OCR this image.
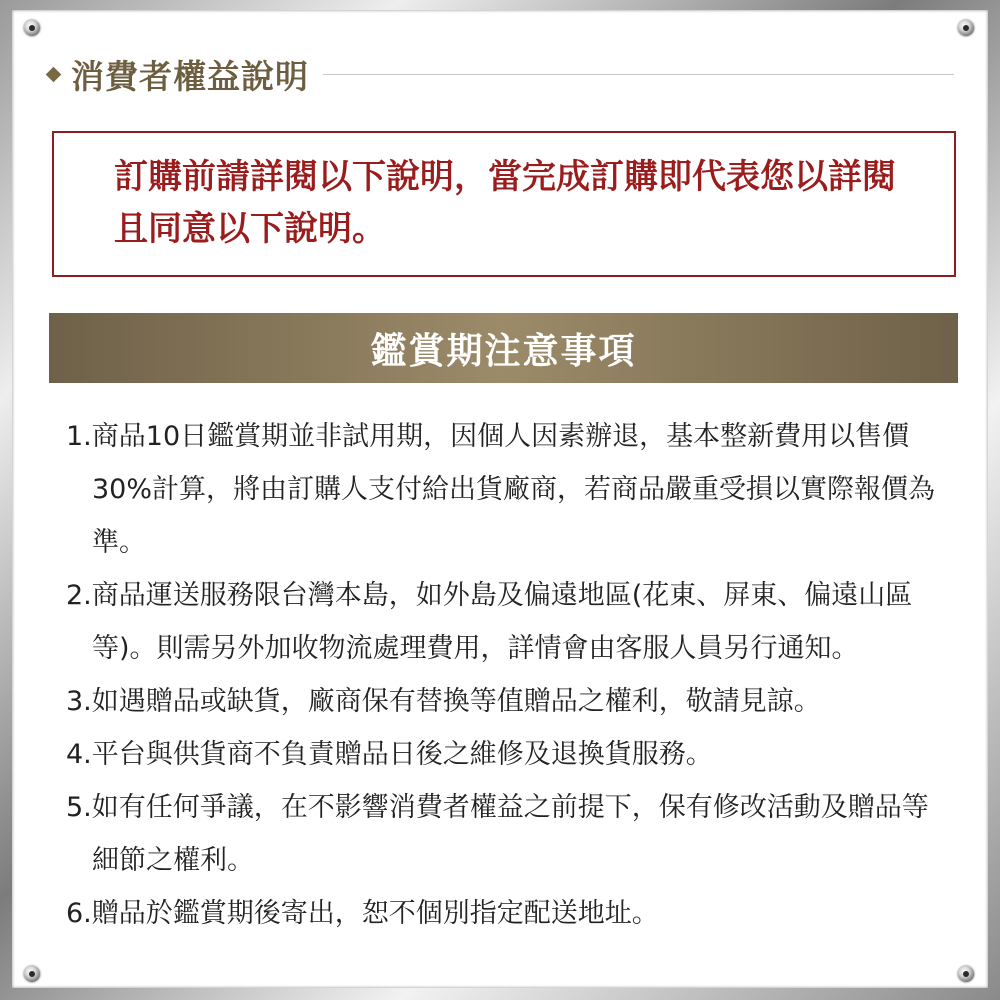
消費者權益說明

訂購前請詳閱以下說明，當完成訂購即代表您以詳閱且同意以下說明。

鑑賞期注意事項
1.商品10日鑑賞期並非試用期，因個人因素辦退，基本整新費用以售價30%計算，將由訂購人支付給出貨廠商，若商品嚴重受損以實際報價為準。
2.商品運送服務限台灣本島，如外島及偏遠地區(花東、屏東、偏遠山區等)。則需另外加收物流處理費用，詳情會由客服人員另行通知。
3.如遇贈品或缺貨，廠商保有替換等值贈品之權利，敬請見諒。
4.平台與供貨商不負責贈品日後之維修及退換貨服務。
5.如有任何爭議，在不影響消費者權益之前提下，保有修改活動及贈品等細節之權利。
6.贈品於鑑賞期後寄出，恕不個別指定配送地址。
